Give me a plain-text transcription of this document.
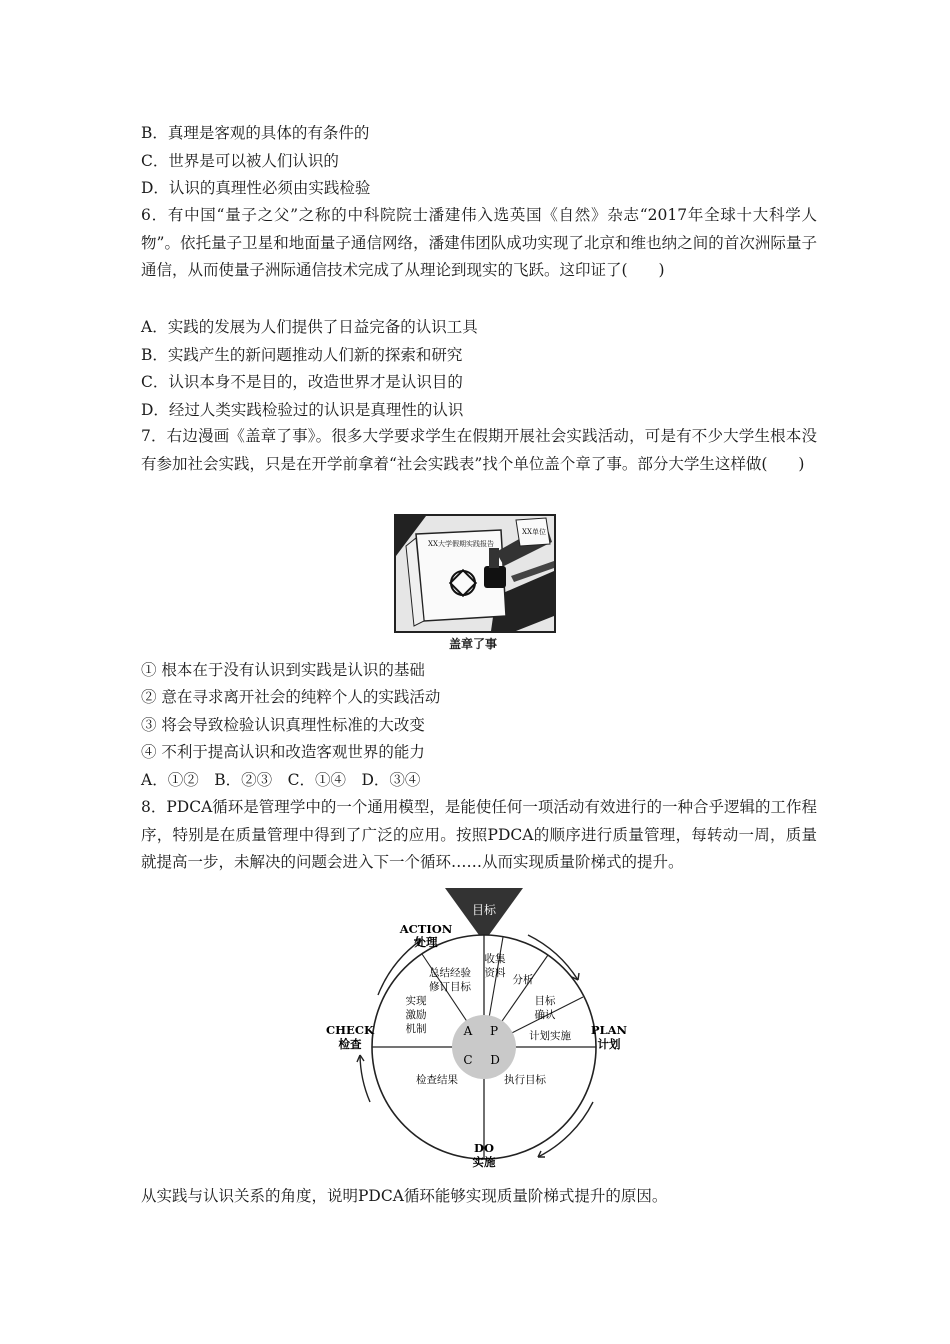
B．真理是客观的具体的有条件的
C．世界是可以被人们认识的
D．认识的真理性必须由实践检验
6．有中国“量子之父”之称的中科院院士潘建伟入选英国《自然》杂志“2017年全球十大科学人物”。依托量子卫星和地面量子通信网络，潘建伟团队成功实现了北京和维也纳之间的首次洲际量子通信，从而使量子洲际通信技术完成了从理论到现实的飞跃。这印证了(　　)
A．实践的发展为人们提供了日益完备的认识工具
B．实践产生的新问题推动人们新的探索和研究
C．认识本身不是目的，改造世界才是认识目的
D．经过人类实践检验过的认识是真理性的认识
7．右边漫画《盖章了事》。很多大学要求学生在假期开展社会实践活动，可是有不少大学生根本没有参加社会实践，只是在开学前拿着“社会实践表”找个单位盖个章了事。部分大学生这样做(　　)
XX大学假期实践报告
XX单位
盖章了事
① 根本在于没有认识到实践是认识的基础
② 意在寻求离开社会的纯粹个人的实践活动
③ 将会导致检验认识真理性标准的大改变
④ 不利于提高认识和改造客观世界的能力
A．①②　B．②③　C．①④　D．③④
8．PDCA循环是管理学中的一个通用模型，是能使任何一项活动有效进行的一种合乎逻辑的工作程序，特别是在质量管理中得到了广泛的应用。按照PDCA的顺序进行质量管理，每转动一周，质量就提高一步，未解决的问题会进入下一个循环……从而实现质量阶梯式的提升。
目标
A P
C D
收集
资料
分析
目标
确认
计划实施
总结经验
修订目标
实现
激励
机制
检查结果	执行目标
ACTION
处理
CHECK
检查
PLAN
计划
DO
实施
从实践与认识关系的角度，说明PDCA循环能够实现质量阶梯式提升的原因。
